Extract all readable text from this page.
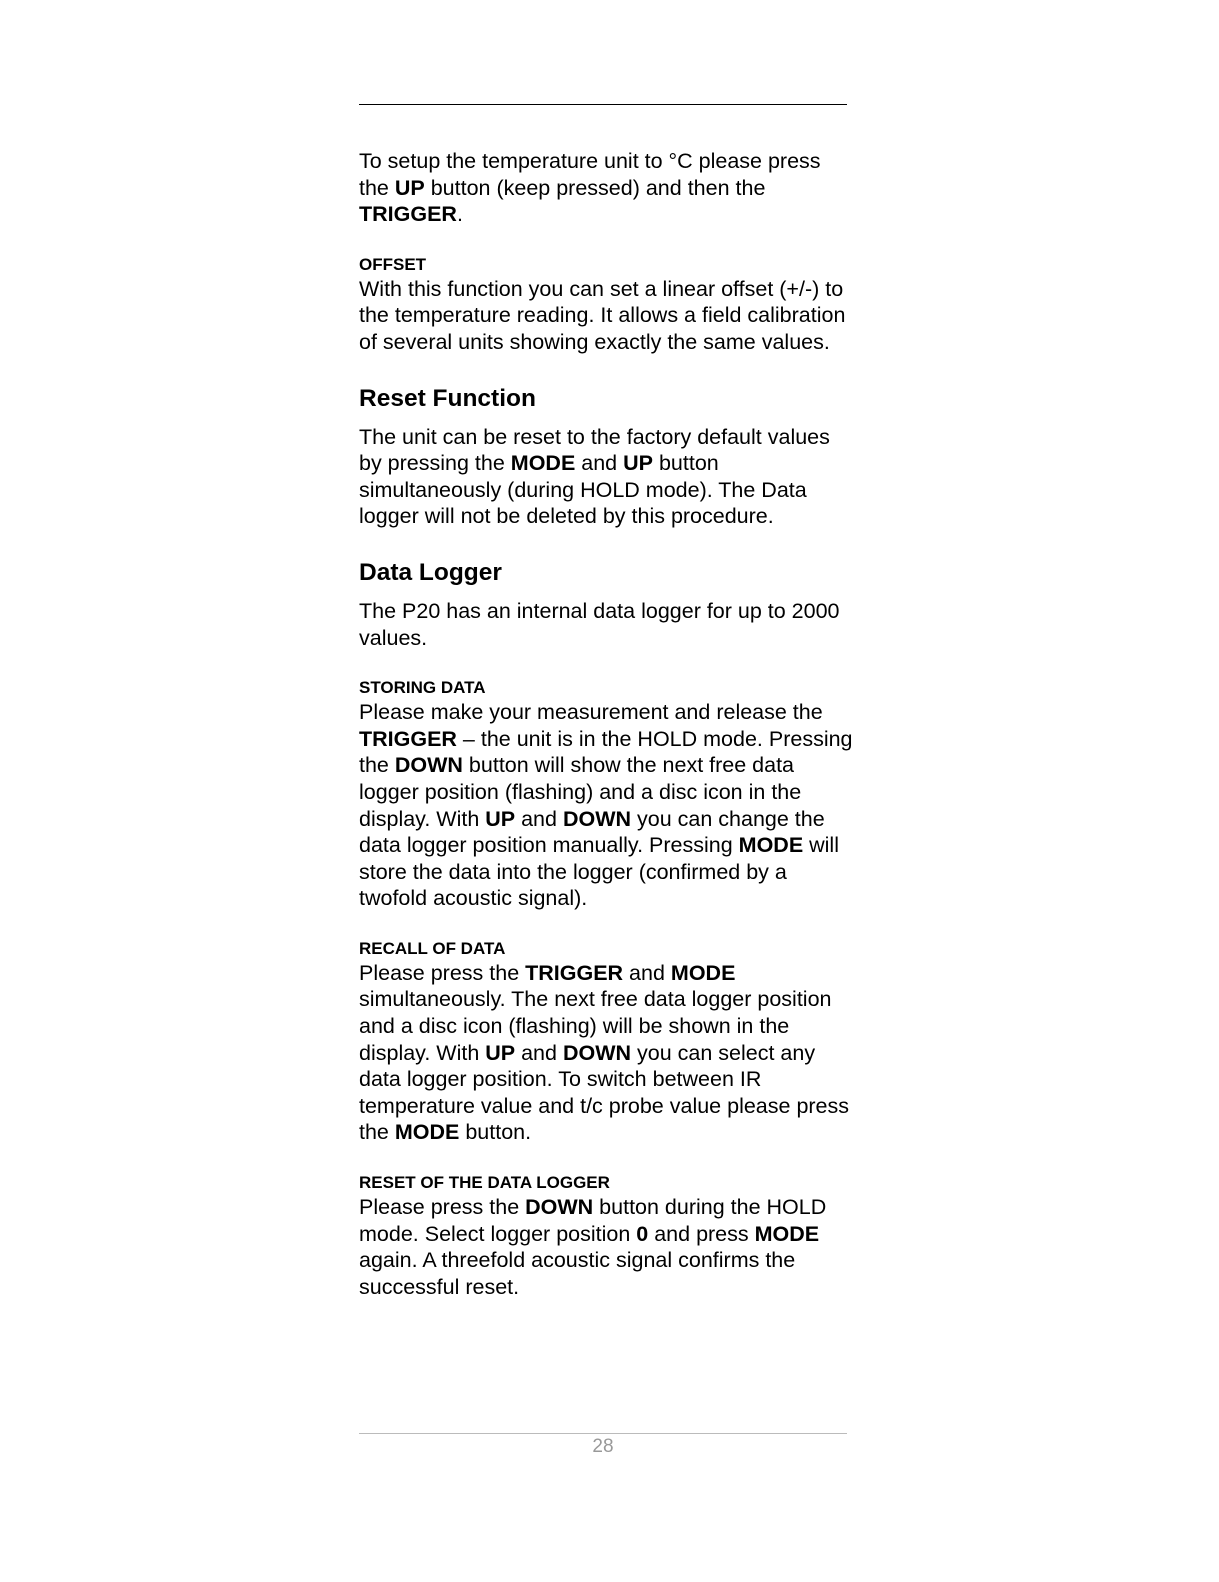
To setup the temperature unit to °C please press the UP button (keep pressed) and then the TRIGGER.

OFFSET

With this function you can set a linear offset (+/-) to the temperature reading. It allows a field calibration of several units showing exactly the same values.

Reset Function

The unit can be reset to the factory default values by pressing the MODE and UP button simultaneously (during HOLD mode). The Data logger will not be deleted by this procedure.

Data Logger

The P20 has an internal data logger for up to 2000 values.

STORING DATA

Please make your measurement and release the TRIGGER – the unit is in the HOLD mode. Pressing the DOWN button will show the next free data logger position (flashing) and a disc icon in the display. With UP and DOWN you can change the data logger position manually. Pressing MODE will store the data into the logger (confirmed by a twofold acoustic signal).

RECALL OF DATA

Please press the TRIGGER and MODE simultaneously. The next free data logger position and a disc icon (flashing) will be shown in the display. With UP and DOWN you can select any data logger position. To switch between IR temperature value and t/c probe value please press the MODE button.

RESET OF THE DATA LOGGER

Please press the DOWN button during the HOLD mode. Select logger position 0 and press MODE again. A threefold acoustic signal confirms the successful reset.

28
